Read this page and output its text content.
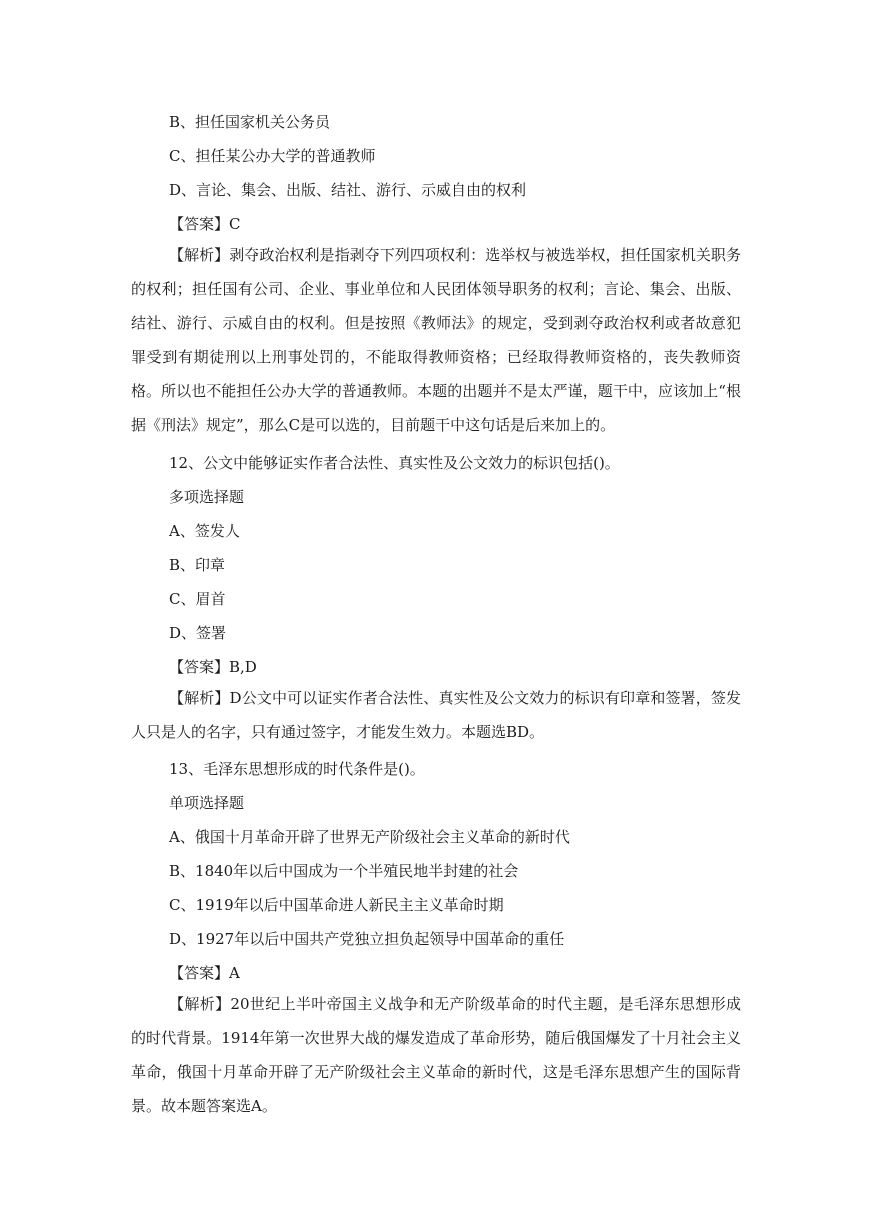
B、担任国家机关公务员
C、担任某公办大学的普通教师
D、言论、集会、出版、结社、游行、示威自由的权利
【答案】C

【解析】剥夺政治权利是指剥夺下列四项权利：选举权与被选举权，担任国家机关职务的权利；担任国有公司、企业、事业单位和人民团体领导职务的权利；言论、集会、出版、结社、游行、示威自由的权利。但是按照《教师法》的规定，受到剥夺政治权利或者故意犯罪受到有期徒刑以上刑事处罚的，不能取得教师资格；已经取得教师资格的，丧失教师资格。所以也不能担任公办大学的普通教师。本题的出题并不是太严谨，题干中，应该加上“根据《刑法》规定”，那么C是可以选的，目前题干中这句话是后来加上的。

12、公文中能够证实作者合法性、真实性及公文效力的标识包括()。
多项选择题
A、签发人
B、印章
C、眉首
D、签署
【答案】B,D

【解析】D公文中可以证实作者合法性、真实性及公文效力的标识有印章和签署，签发人只是人的名字，只有通过签字，才能发生效力。本题选BD。

13、毛泽东思想形成的时代条件是()。
单项选择题
A、俄国十月革命开辟了世界无产阶级社会主义革命的新时代
B、1840年以后中国成为一个半殖民地半封建的社会
C、1919年以后中国革命进人新民主主义革命时期
D、1927年以后中国共产党独立担负起领导中国革命的重任
【答案】A

【解析】20世纪上半叶帝国主义战争和无产阶级革命的时代主题，是毛泽东思想形成的时代背景。1914年第一次世界大战的爆发造成了革命形势，随后俄国爆发了十月社会主义革命，俄国十月革命开辟了无产阶级社会主义革命的新时代，这是毛泽东思想产生的国际背景。故本题答案选A。
